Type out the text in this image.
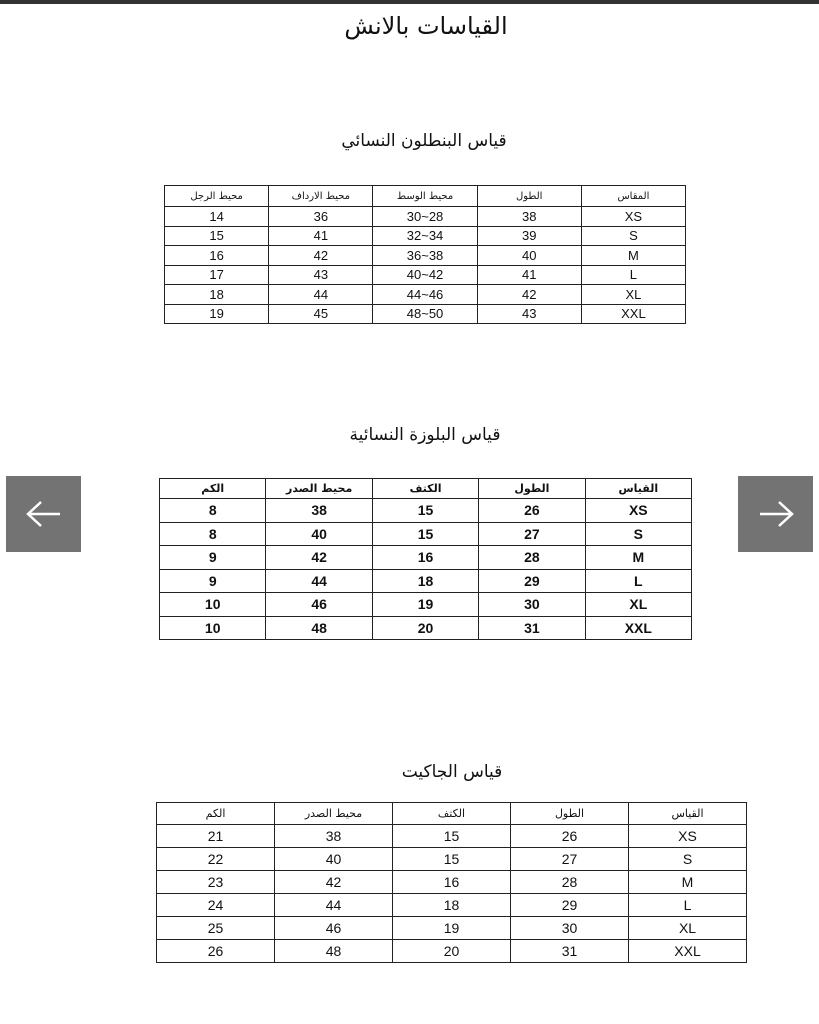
القياسات بالانش
قياس البنطلون النسائي
المقاس	الطول	محيط الوسط	محيط الارداف	محيط الرجل
XS	38	28~30	36	14
S	39	34~32	41	15
M	40	38~36	42	16
L	41	42~40	43	17
XL	42	46~44	44	18
XXL	43	50~48	45	19
قياس البلوزة النسائية
القياس	الطول	الكتف	محيط الصدر	الكم
XS	26	15	38	8
S	27	15	40	8
M	28	16	42	9
L	29	18	44	9
XL	30	19	46	10
XXL	31	20	48	10
قياس الجاكيت
القياس	الطول	الكتف	محيط الصدر	الكم
XS	26	15	38	21
S	27	15	40	22
M	28	16	42	23
L	29	18	44	24
XL	30	19	46	25
XXL	31	20	48	26
